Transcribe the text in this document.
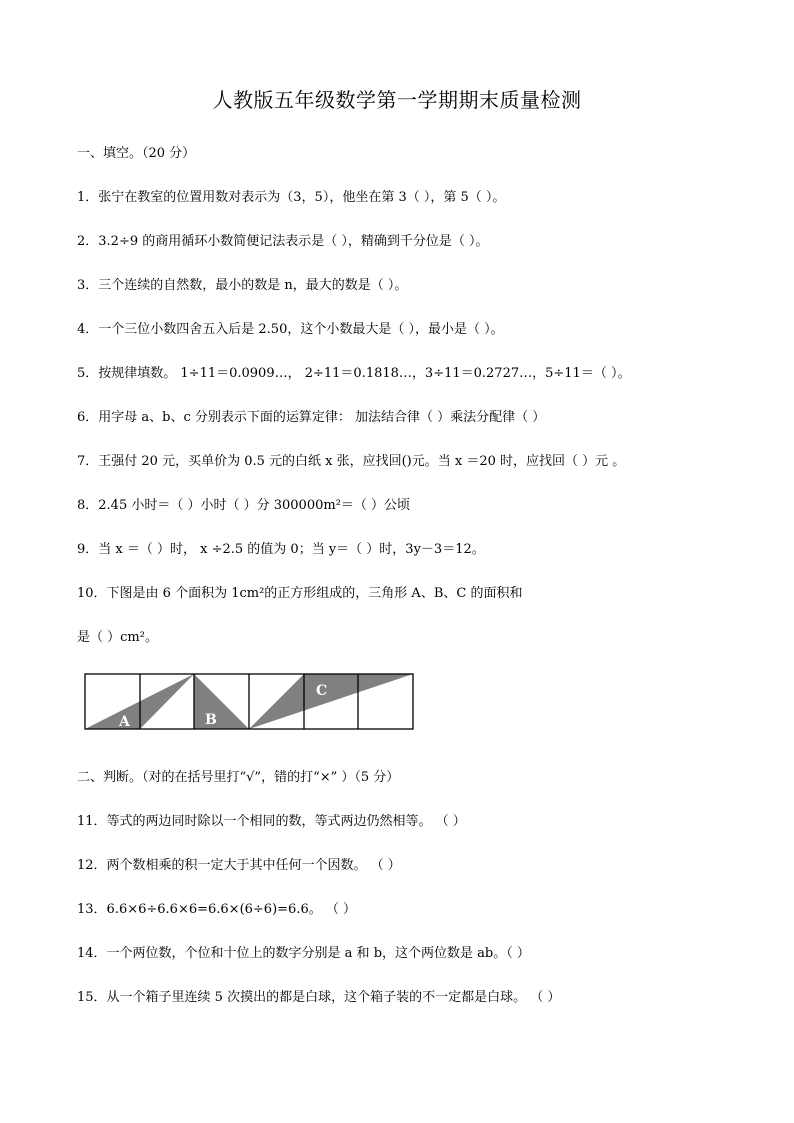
人教版五年级数学第一学期期末质量检测
一、填空。（20 分）
1．张宁在教室的位置用数对表示为（3，5），他坐在第 3（ ），第 5（ ）。
2．3.2÷9 的商用循环小数简便记法表示是（ ），精确到千分位是（ ）。
3．三个连续的自然数，最小的数是 n，最大的数是（ ）。
4．一个三位小数四舍五入后是 2.50，这个小数最大是（ ），最小是（ ）。
5．按规律填数。 1÷11＝0.0909…， 2÷11＝0.1818…，3÷11＝0.2727…，5÷11＝（ ）。
6．用字母 a、b、c 分别表示下面的运算定律： 加法结合律（ ）乘法分配律（ ）
7．王强付 20 元，买单价为 0.5 元的白纸 x 张，应找回()元。当 x ＝20 时，应找回（ ）元 。
8．2.45 小时＝（ ）小时（ ）分 300000m²＝（ ）公顷
9．当 x ＝（ ）时， x ÷2.5 的值为 0；当 y＝（ ）时，3y－3＝12。
10．下图是由 6 个面积为 1cm²的正方形组成的，三角形 A、B、C 的面积和
是（ ）cm²。
A	B
C
二、判断。（对的在括号里打“√”，错的打“×” ）（5 分）
11．等式的两边同时除以一个相同的数，等式两边仍然相等。 （ ）
12．两个数相乘的积一定大于其中任何一个因数。 （ ）
13．6.6×6÷6.6×6=6.6×(6÷6)=6.6。 （ ）
14．一个两位数，个位和十位上的数字分别是 a 和 b，这个两位数是 ab。（ ）
15．从一个箱子里连续 5 次摸出的都是白球，这个箱子装的不一定都是白球。 （ ）
